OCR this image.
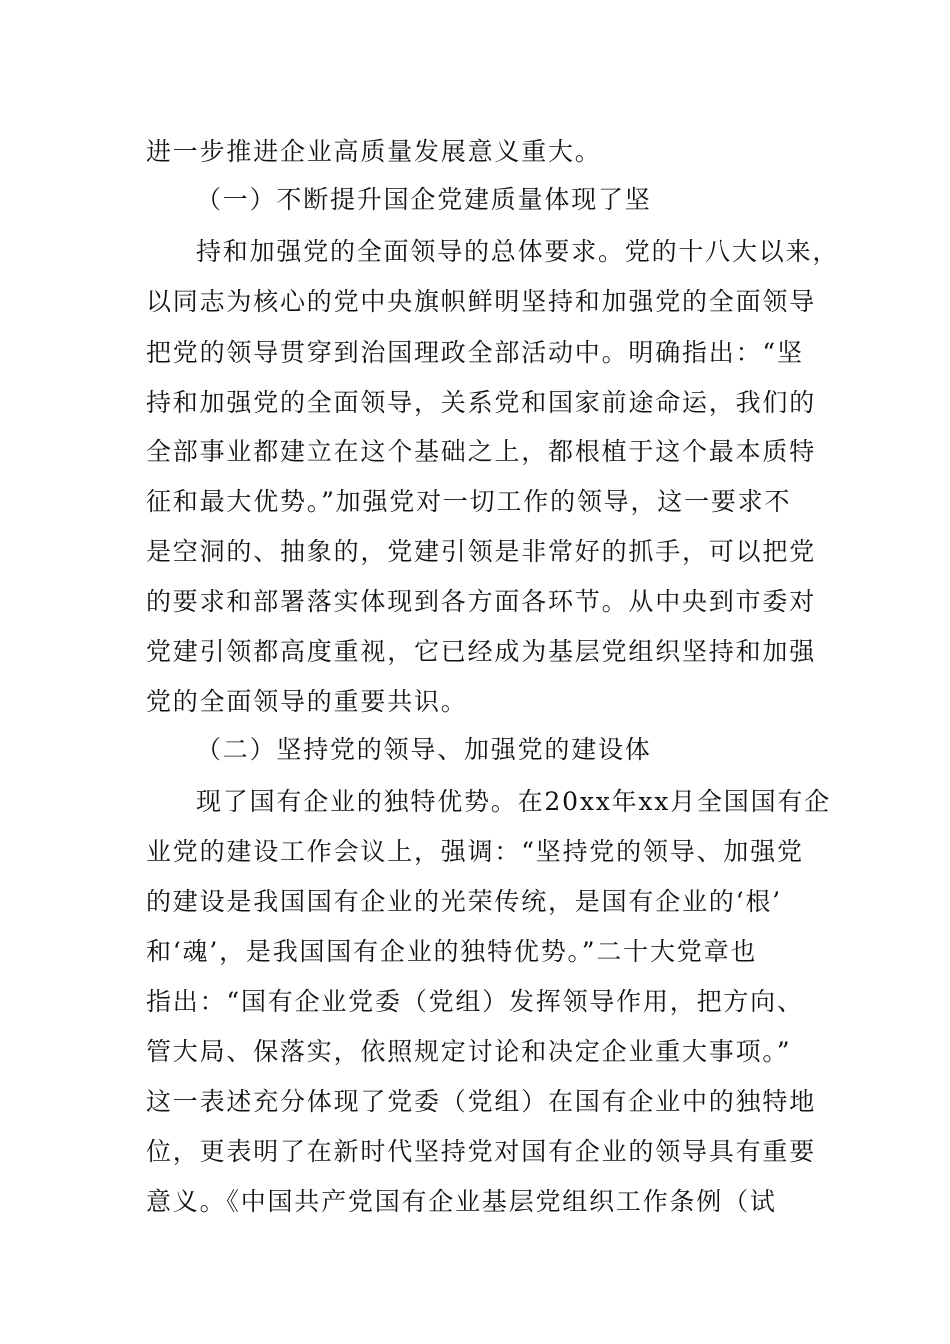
进一步推进企业高质量发展意义重大。
（一）不断提升国企党建质量体现了坚
持和加强党的全面领导的总体要求。党的十八大以来，
以同志为核心的党中央旗帜鲜明坚持和加强党的全面领导
把党的领导贯穿到治国理政全部活动中。明确指出：“坚
持和加强党的全面领导，关系党和国家前途命运，我们的
全部事业都建立在这个基础之上，都根植于这个最本质特
征和最大优势。”加强党对一切工作的领导，这一要求不
是空洞的、抽象的，党建引领是非常好的抓手，可以把党
的要求和部署落实体现到各方面各环节。从中央到市委对
党建引领都高度重视，它已经成为基层党组织坚持和加强
党的全面领导的重要共识。
（二）坚持党的领导、加强党的建设体
现了国有企业的独特优势。在20xx年xx月全国国有企
业党的建设工作会议上，强调：“坚持党的领导、加强党
的建设是我国国有企业的光荣传统，是国有企业的‘根’
和‘魂’，是我国国有企业的独特优势。”二十大党章也
指出：“国有企业党委（党组）发挥领导作用，把方向、
管大局、保落实，依照规定讨论和决定企业重大事项。”
这一表述充分体现了党委（党组）在国有企业中的独特地
位，更表明了在新时代坚持党对国有企业的领导具有重要
意义。《中国共产党国有企业基层党组织工作条例（试
